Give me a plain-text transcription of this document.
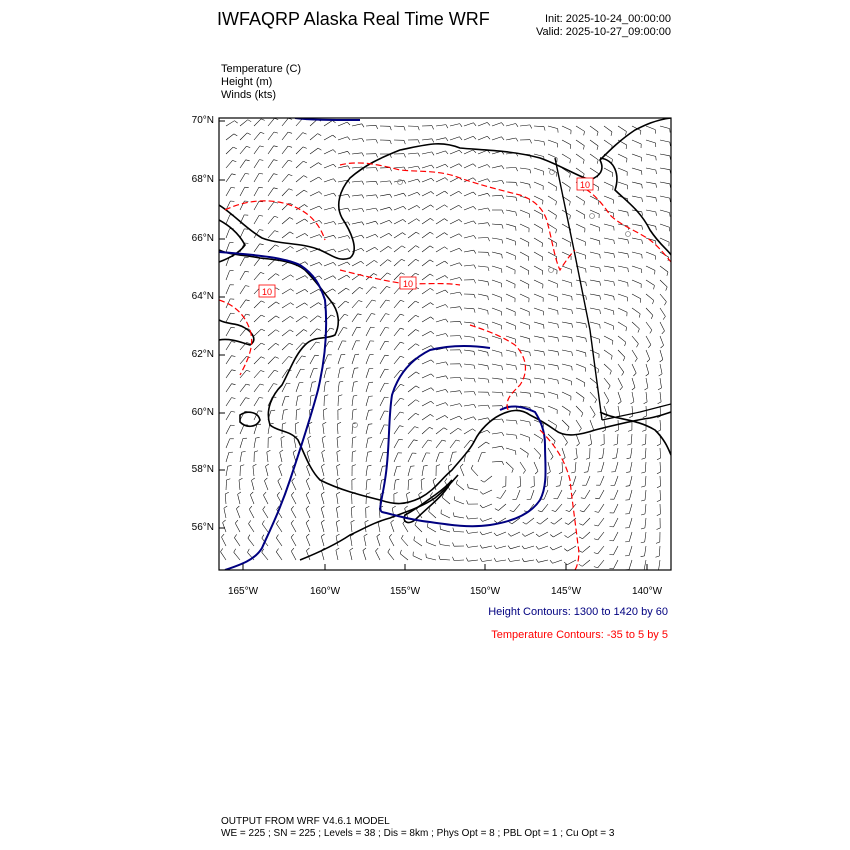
IWFAQRP Alaska Real Time WRF	Init: 2025-10-24_00:00:00
Valid: 2025-10-27_09:00:00
Temperature (C)
Height (m)
Winds (kts)
10
10
10
70°N
68°N
66°N
64°N
62°N
60°N
58°N
56°N
165°W	160°W	155°W	150°W	145°W	140°W
Height Contours: 1300 to 1420 by 60
Temperature Contours: -35 to 5 by 5
OUTPUT FROM WRF V4.6.1 MODEL
WE = 225 ; SN = 225 ; Levels = 38 ; Dis = 8km ; Phys Opt = 8 ; PBL Opt = 1 ; Cu Opt = 3
